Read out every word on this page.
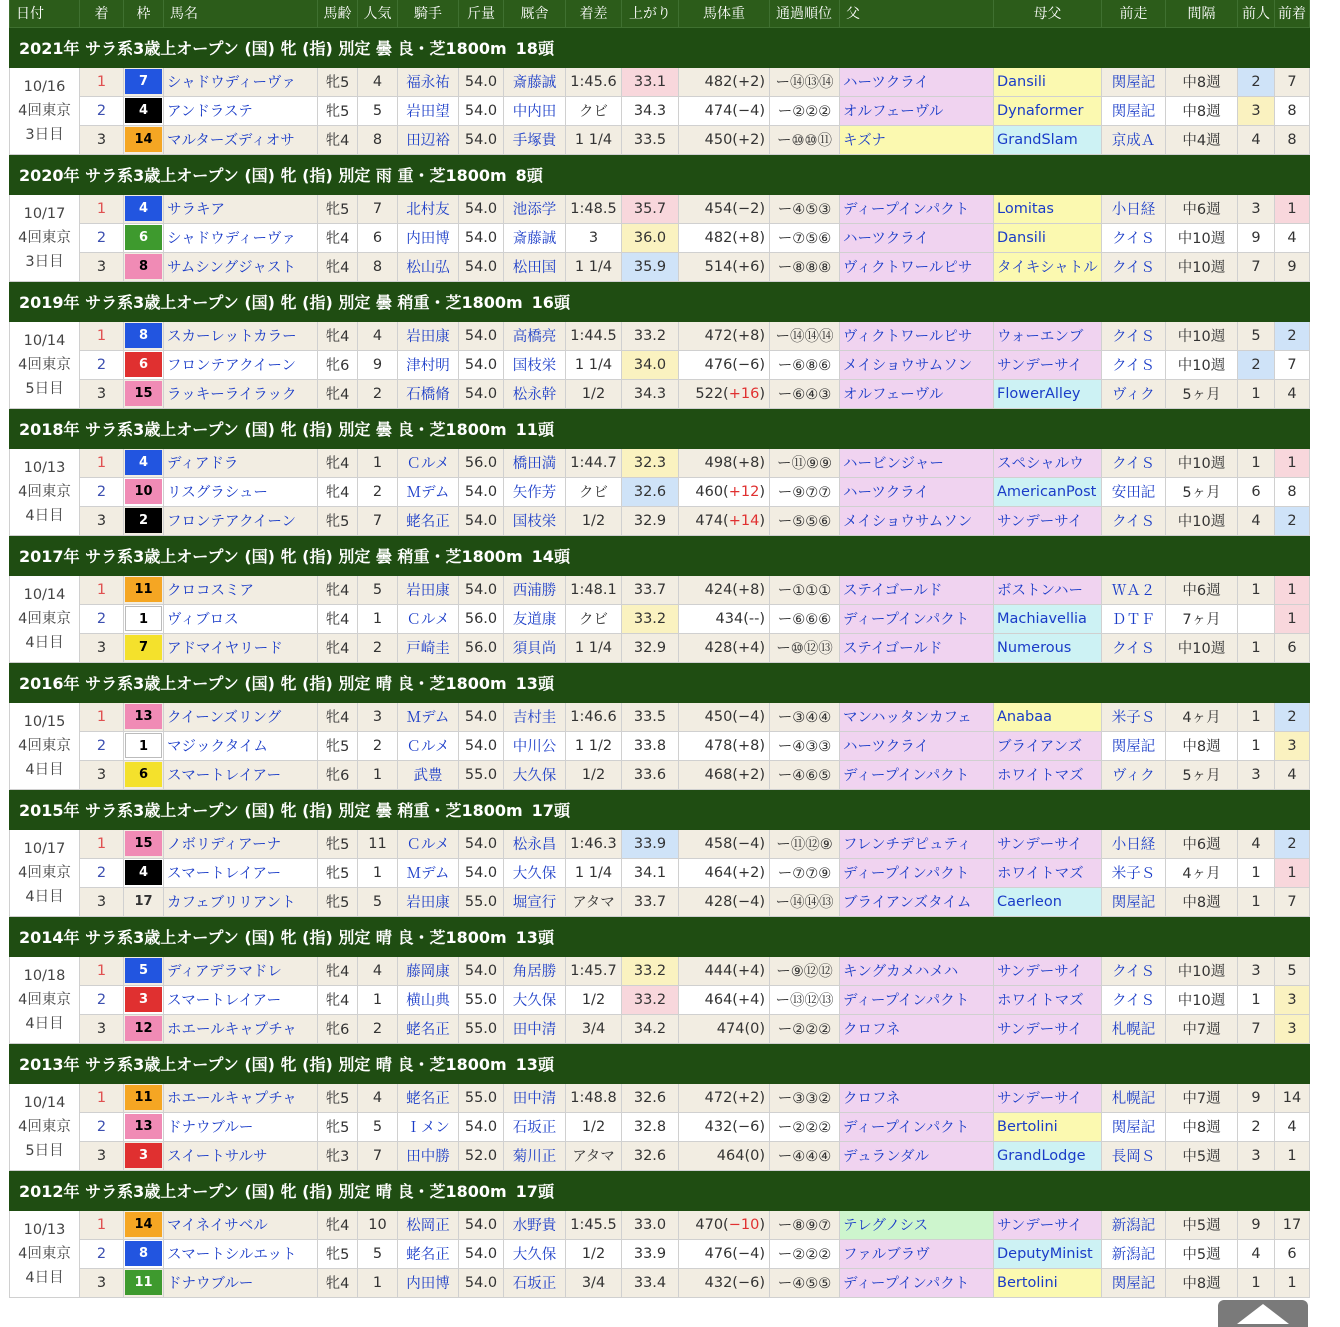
日付	着	枠	馬名	馬齢	人気	騎手	斤量	厩舎	着差	上がり	馬体重	通過順位	父	母父	前走	間隔	前人	前着
2021年 サラ系3歳上オープン (国) 牝 (指) 別定 曇 良・芝1800m 18頭																		

10/16
4回東京
3日目	1	7	シャドウディーヴァ	牝5	4	福永祐	54.0	斎藤誠	1:45.6	33.1	482(+2)	ー⑭⑬⑭	ハーツクライ	Dansili	関屋記	中8週	2	7
	2	4	アンドラステ	牝5	5	岩田望	54.0	中内田	クビ	34.3	474(−4)	ー②②②	オルフェーヴル	Dynaformer	関屋記	中8週	3	8
	3	14	マルターズディオサ	牝4	8	田辺裕	54.0	手塚貴	1 1/4	33.5	450(+2)	ー⑩⑩⑪	キズナ	GrandSlam	京成Ａ	中4週	4	8
2020年 サラ系3歳上オープン (国) 牝 (指) 別定 雨 重・芝1800m 8頭																		

10/17
4回東京
3日目	1	4	サラキア	牝5	7	北村友	54.0	池添学	1:48.5	35.7	454(−2)	ー④⑤③	ディープインパクト	Lomitas	小日経	中6週	3	1
	2	6	シャドウディーヴァ	牝4	6	内田博	54.0	斎藤誠	3	36.0	482(+8)	ー⑦⑤⑥	ハーツクライ	Dansili	クイＳ	中10週	9	4
	3	8	サムシングジャスト	牝4	8	松山弘	54.0	松田国	1 1/4	35.9	514(+6)	ー⑧⑧⑧	ヴィクトワールピサ	タイキシャトル	クイＳ	中10週	7	9
2019年 サラ系3歳上オープン (国) 牝 (指) 別定 曇 稍重・芝1800m 16頭																		

10/14
4回東京
5日目	1	8	スカーレットカラー	牝4	4	岩田康	54.0	高橋亮	1:44.5	33.2	472(+8)	ー⑭⑭⑭	ヴィクトワールピサ	ウォーエンブ	クイＳ	中10週	5	2
	2	6	フロンテアクイーン	牝6	9	津村明	54.0	国枝栄	1 1/4	34.0	476(−6)	ー⑥⑧⑥	メイショウサムソン	サンデーサイ	クイＳ	中10週	2	7
	3	15	ラッキーライラック	牝4	2	石橋脩	54.0	松永幹	1/2	34.3	522(+16)	ー⑥④③	オルフェーヴル	FlowerAlley	ヴィク	5ヶ月	1	4
2018年 サラ系3歳上オープン (国) 牝 (指) 別定 曇 良・芝1800m 11頭																		

10/13
4回東京
4日目	1	4	ディアドラ	牝4	1	Ｃルメ	56.0	橋田満	1:44.7	32.3	498(+8)	ー⑪⑨⑨	ハービンジャー	スペシャルウ	クイＳ	中10週	1	1
	2	10	リスグラシュー	牝4	2	Ｍデム	54.0	矢作芳	クビ	32.6	460(+12)	ー⑨⑦⑦	ハーツクライ	AmericanPost	安田記	5ヶ月	6	8
	3	2	フロンテアクイーン	牝5	7	蛯名正	54.0	国枝栄	1/2	32.9	474(+14)	ー⑤⑤⑥	メイショウサムソン	サンデーサイ	クイＳ	中10週	4	2
2017年 サラ系3歳上オープン (国) 牝 (指) 別定 曇 稍重・芝1800m 14頭																		

10/14
4回東京
4日目	1	11	クロコスミア	牝4	5	岩田康	54.0	西浦勝	1:48.1	33.7	424(+8)	ー①①①	ステイゴールド	ボストンハー	ＷＡ２	中6週	1	1
	2	1	ヴィブロス	牝4	1	Ｃルメ	56.0	友道康	クビ	33.2	434(--)	ー⑥⑥⑥	ディープインパクト	Machiavellia	ＤＴＦ	7ヶ月		1
	3	7	アドマイヤリード	牝4	2	戸崎圭	56.0	須貝尚	1 1/4	32.9	428(+4)	ー⑩⑫⑬	ステイゴールド	Numerous	クイＳ	中10週	1	6
2016年 サラ系3歳上オープン (国) 牝 (指) 別定 晴 良・芝1800m 13頭																		

10/15
4回東京
4日目	1	13	クイーンズリング	牝4	3	Ｍデム	54.0	吉村圭	1:46.6	33.5	450(−4)	ー③④④	マンハッタンカフェ	Anabaa	米子Ｓ	4ヶ月	1	2
	2	1	マジックタイム	牝5	2	Ｃルメ	54.0	中川公	1 1/2	33.8	478(+8)	ー④③③	ハーツクライ	ブライアンズ	関屋記	中8週	1	3
	3	6	スマートレイアー	牝6	1	武豊	55.0	大久保	1/2	33.6	468(+2)	ー④⑥⑤	ディープインパクト	ホワイトマズ	ヴィク	5ヶ月	3	4
2015年 サラ系3歳上オープン (国) 牝 (指) 別定 曇 稍重・芝1800m 17頭																		

10/17
4回東京
4日目	1	15	ノボリディアーナ	牝5	11	Ｃルメ	54.0	松永昌	1:46.3	33.9	458(−4)	ー⑪⑫⑨	フレンチデピュティ	サンデーサイ	小日経	中6週	4	2
	2	4	スマートレイアー	牝5	1	Ｍデム	54.0	大久保	1 1/4	34.1	464(+2)	ー⑦⑦⑨	ディープインパクト	ホワイトマズ	米子Ｓ	4ヶ月	1	1
	3	17	カフェブリリアント	牝5	5	岩田康	55.0	堀宣行	アタマ	33.7	428(−4)	ー⑭⑭⑬	ブライアンズタイム	Caerleon	関屋記	中8週	1	7
2014年 サラ系3歳上オープン (国) 牝 (指) 別定 晴 良・芝1800m 13頭																		

10/18
4回東京
4日目	1	5	ディアデラマドレ	牝4	4	藤岡康	54.0	角居勝	1:45.7	33.2	444(+4)	ー⑨⑫⑫	キングカメハメハ	サンデーサイ	クイＳ	中10週	3	5
	2	3	スマートレイアー	牝4	1	横山典	55.0	大久保	1/2	33.2	464(+4)	ー⑬⑫⑬	ディープインパクト	ホワイトマズ	クイＳ	中10週	1	3
	3	12	ホエールキャプチャ	牝6	2	蛯名正	55.0	田中清	3/4	34.2	474(0)	ー②②②	クロフネ	サンデーサイ	札幌記	中7週	7	3
2013年 サラ系3歳上オープン (国) 牝 (指) 別定 晴 良・芝1800m 13頭																		

10/14
4回東京
5日目	1	11	ホエールキャプチャ	牝5	4	蛯名正	55.0	田中清	1:48.8	32.6	472(+2)	ー③③②	クロフネ	サンデーサイ	札幌記	中7週	9	14
	2	13	ドナウブルー	牝5	5	Ｉメン	54.0	石坂正	1/2	32.8	432(−6)	ー②②②	ディープインパクト	Bertolini	関屋記	中8週	2	4
	3	3	スイートサルサ	牝3	7	田中勝	52.0	菊川正	アタマ	32.6	464(0)	ー④④④	デュランダル	GrandLodge	長岡Ｓ	中5週	3	1
2012年 サラ系3歳上オープン (国) 牝 (指) 別定 晴 良・芝1800m 17頭																		

10/13
4回東京
4日目	1	14	マイネイサベル	牝4	10	松岡正	54.0	水野貴	1:45.5	33.0	470(−10)	ー⑧⑨⑦	テレグノシス	サンデーサイ	新潟記	中5週	9	17
	2	8	スマートシルエット	牝5	5	蛯名正	54.0	大久保	1/2	33.9	476(−4)	ー②②②	ファルブラヴ	DeputyMinist	新潟記	中5週	4	6
	3	11	ドナウブルー	牝4	1	内田博	54.0	石坂正	3/4	33.4	432(−6)	ー④⑤⑤	ディープインパクト	Bertolini	関屋記	中8週	1	1
